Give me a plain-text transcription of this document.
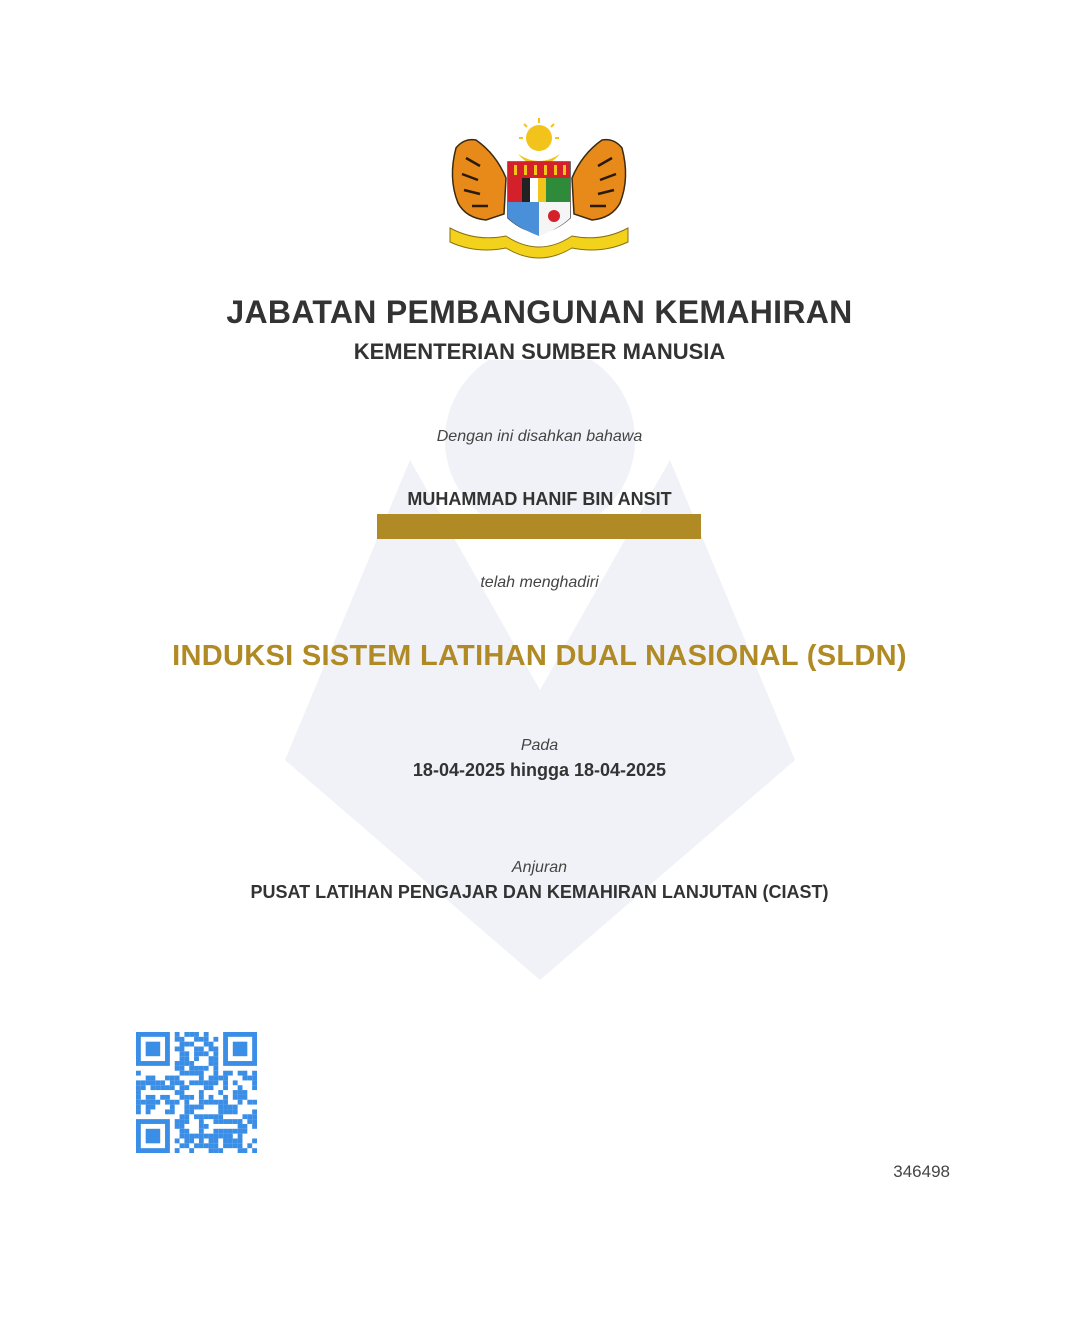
JABATAN PEMBANGUNAN KEMAHIRAN
KEMENTERIAN SUMBER MANUSIA
Dengan ini disahkan bahawa
MUHAMMAD HANIF BIN ANSIT
telah menghadiri
INDUKSI SISTEM LATIHAN DUAL NASIONAL (SLDN)
Pada
18-04-2025 hingga 18-04-2025
Anjuran
PUSAT LATIHAN PENGAJAR DAN KEMAHIRAN LANJUTAN (CIAST)
346498
